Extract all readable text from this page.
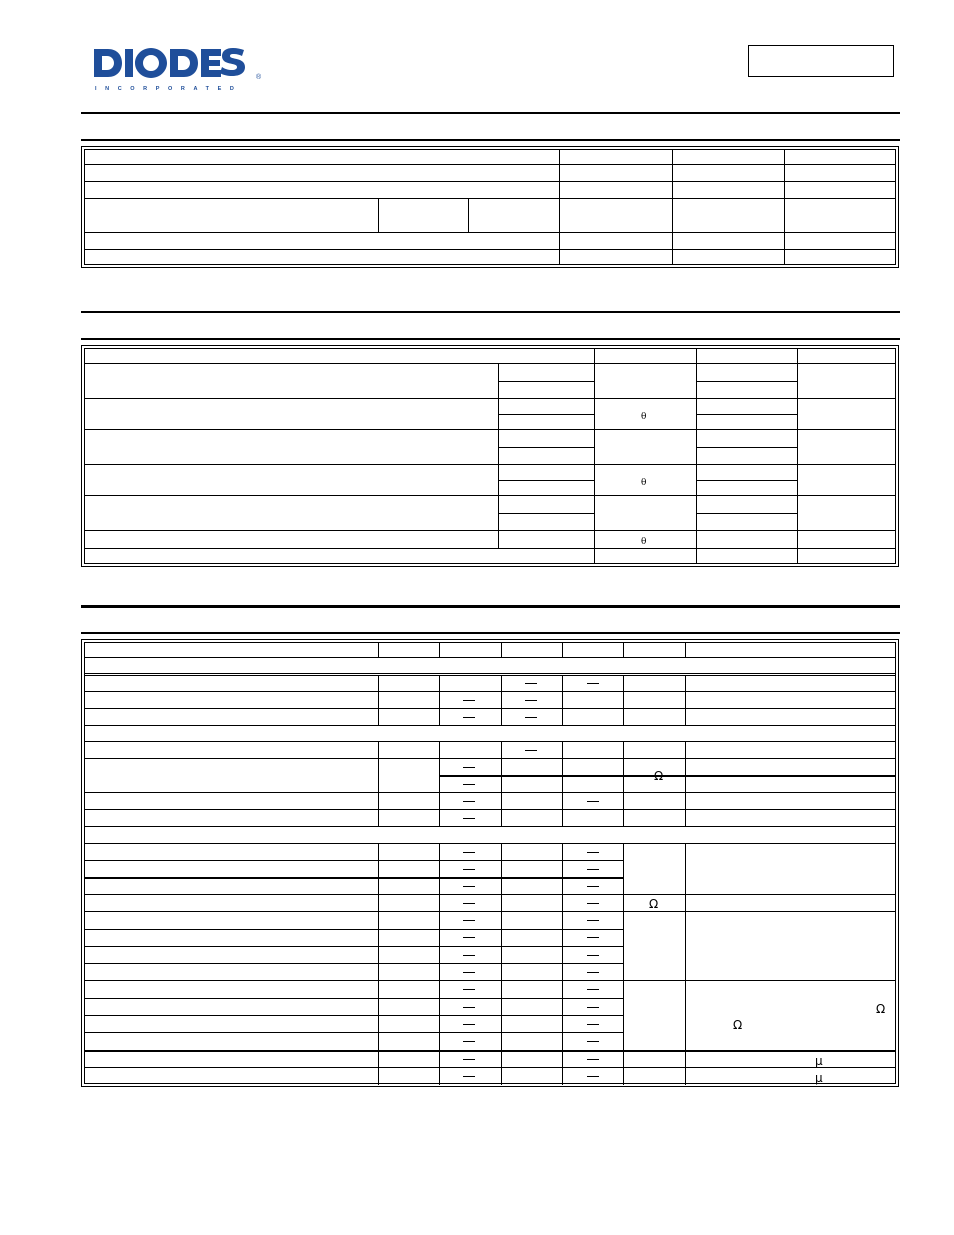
®
INCORPORATED
θ
θ
θ
Ω
Ω
Ω
Ω
μ
μ
